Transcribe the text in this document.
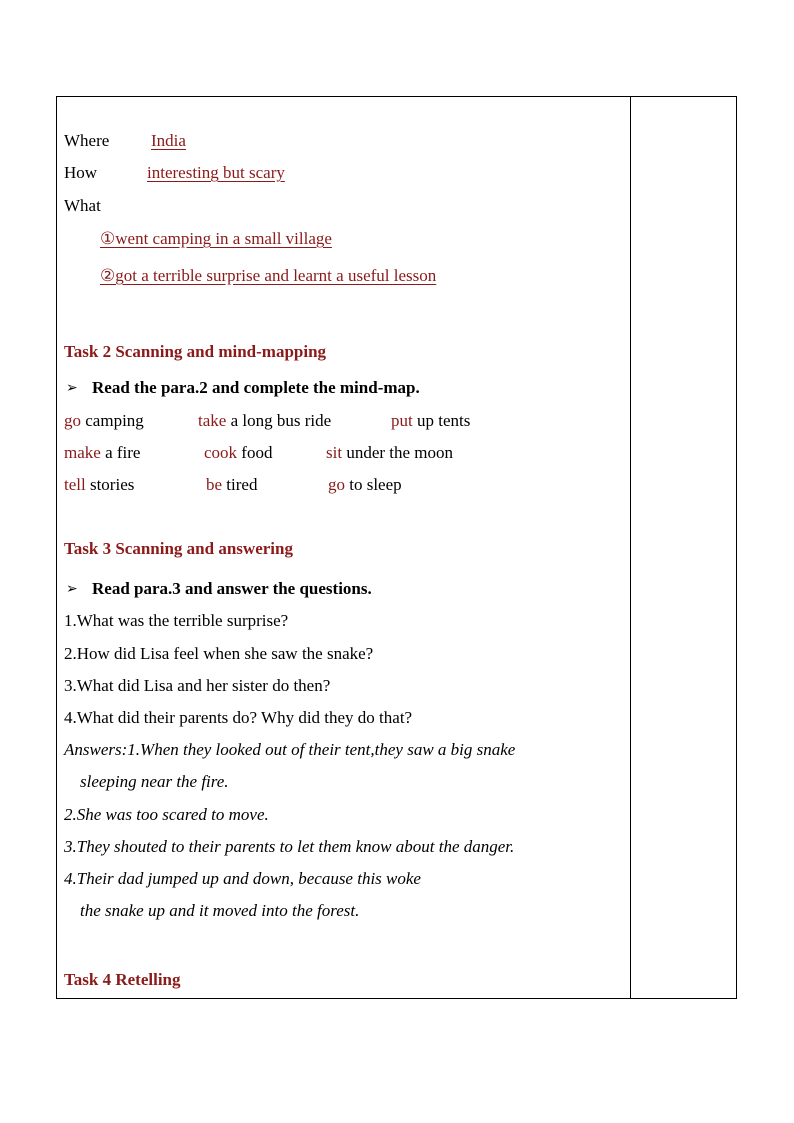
Where India
How	interesting but scary
What
①went camping in a small village
②got a terrible surprise and learnt a useful lesson
Task 2 Scanning and mind-mapping
➢ Read the para.2 and complete the mind-map.
go camping	take a long bus ride	put up tents
make a fire	cook food	sit under the moon
tell stories	be tired	go to sleep
Task 3 Scanning and answering
➢ Read para.3 and answer the questions.
1.What was the terrible surprise?
2.How did Lisa feel when she saw the snake?
3.What did Lisa and her sister do then?
4.What did their parents do? Why did they do that?
Answers:1.When they looked out of their tent,they saw a big snake
sleeping near the fire.
2.She was too scared to move.
3.They shouted to their parents to let them know about the danger.
4.Their dad jumped up and down, because this woke
the snake up and it moved into the forest.
Task 4 Retelling
